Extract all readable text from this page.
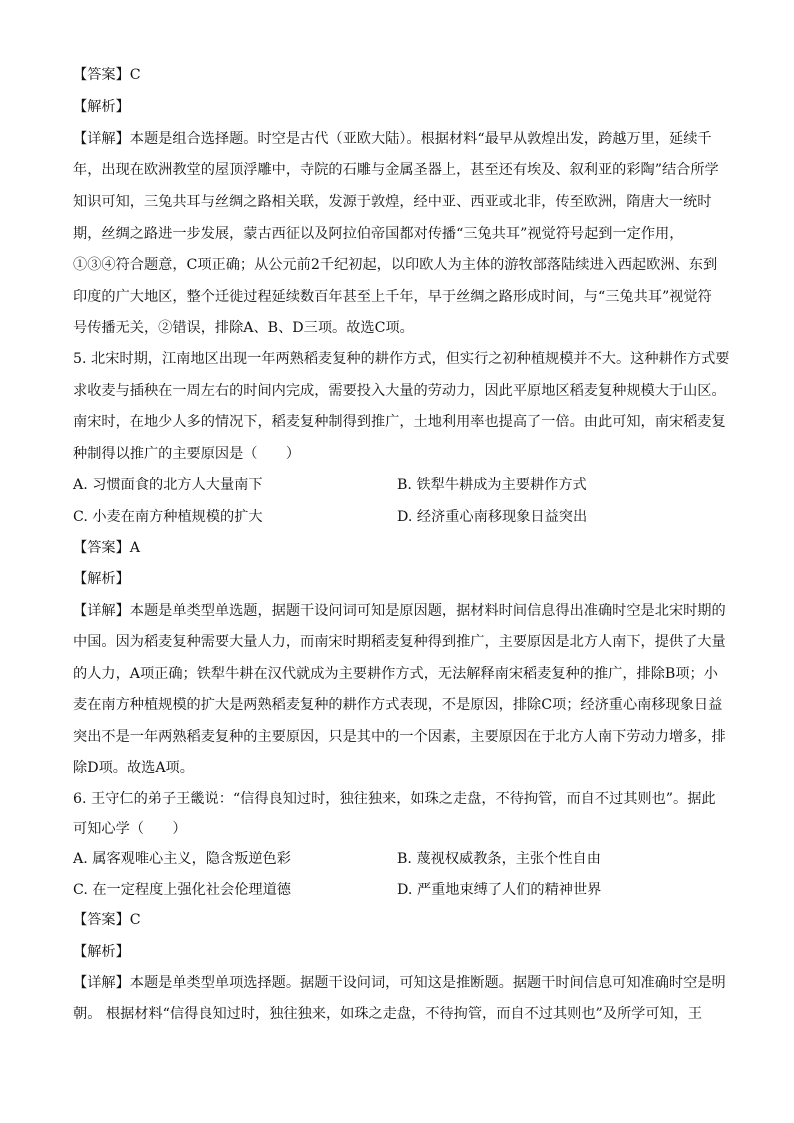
【答案】C
【解析】
【详解】本题是组合选择题。时空是古代（亚欧大陆）。根据材料“最早从敦煌出发，跨越万里，延续千
年，出现在欧洲教堂的屋顶浮雕中，寺院的石雕与金属圣器上，甚至还有埃及、叙利亚的彩陶”结合所学
知识可知，三兔共耳与丝绸之路相关联，发源于敦煌，经中亚、西亚或北非，传至欧洲，隋唐大一统时
期，丝绸之路进一步发展，蒙古西征以及阿拉伯帝国都对传播“三兔共耳”视觉符号起到一定作用，
①③④符合题意，C项正确；从公元前2千纪初起，以印欧人为主体的游牧部落陆续进入西起欧洲、东到
印度的广大地区，整个迁徙过程延续数百年甚至上千年，早于丝绸之路形成时间，与“三兔共耳”视觉符
号传播无关，②错误，排除A、B、D三项。故选C项。
5. 北宋时期，江南地区出现一年两熟稻麦复种的耕作方式，但实行之初种植规模并不大。这种耕作方式要
求收麦与插秧在一周左右的时间内完成，需要投入大量的劳动力，因此平原地区稻麦复种规模大于山区。
南宋时，在地少人多的情况下，稻麦复种制得到推广，土地利用率也提高了一倍。由此可知，南宋稻麦复
种制得以推广的主要原因是（　　）
A. 习惯面食的北方人大量南下	B. 铁犁牛耕成为主要耕作方式
C. 小麦在南方种植规模的扩大	D. 经济重心南移现象日益突出
【答案】A
【解析】
【详解】本题是单类型单选题，据题干设问词可知是原因题，据材料时间信息得出准确时空是北宋时期的
中国。因为稻麦复种需要大量人力，而南宋时期稻麦复种得到推广，主要原因是北方人南下，提供了大量
的人力，A项正确；铁犁牛耕在汉代就成为主要耕作方式，无法解释南宋稻麦复种的推广，排除B项；小
麦在南方种植规模的扩大是两熟稻麦复种的耕作方式表现，不是原因，排除C项；经济重心南移现象日益
突出不是一年两熟稻麦复种的主要原因，只是其中的一个因素，主要原因在于北方人南下劳动力增多，排
除D项。故选A项。
6. 王守仁的弟子王畿说：“信得良知过时，独往独来，如珠之走盘，不待拘管，而自不过其则也”。据此
可知心学（　　）
A. 属客观唯心主义，隐含叛逆色彩	B. 蔑视权威教条，主张个性自由
C. 在一定程度上强化社会伦理道德	D. 严重地束缚了人们的精神世界
【答案】C
【解析】
【详解】本题是单类型单项选择题。据题干设问词，可知这是推断题。据题干时间信息可知准确时空是明
朝。 根据材料“信得良知过时，独往独来，如珠之走盘，不待拘管，而自不过其则也”及所学可知，王
